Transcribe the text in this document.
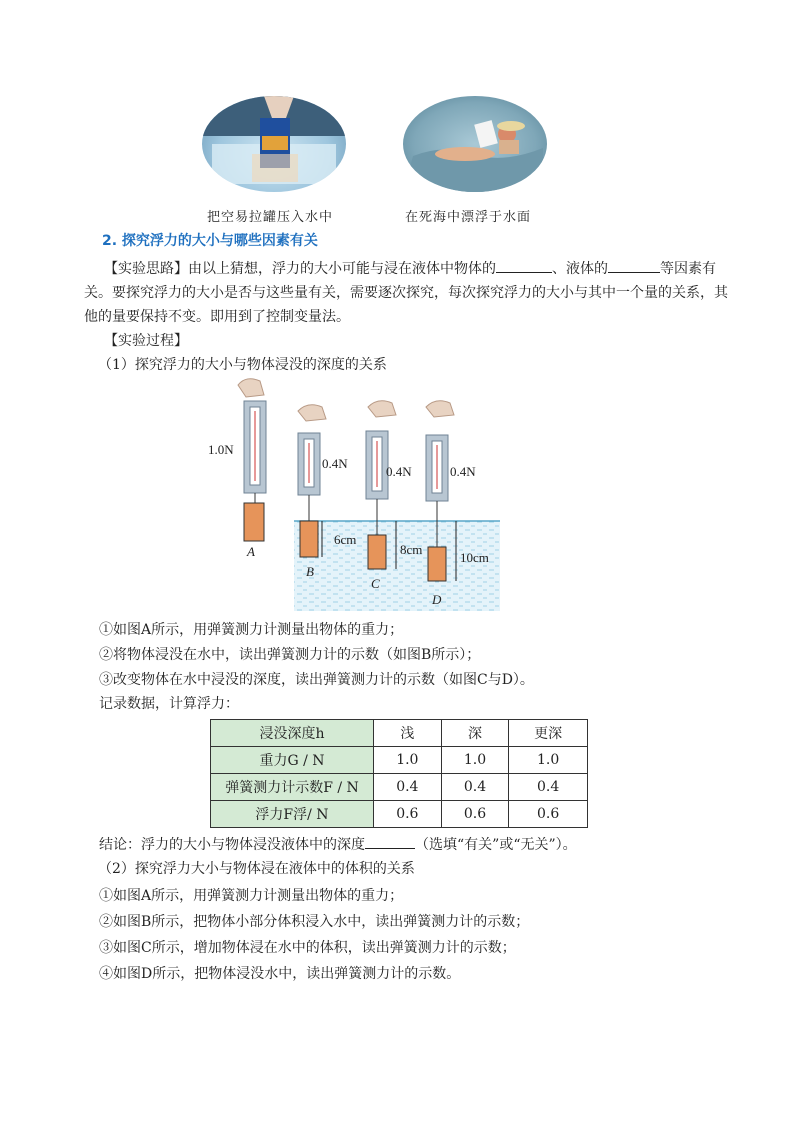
把空易拉罐压入水中	在死海中漂浮于水面
2. 探究浮力的大小与哪些因素有关
【实验思路】由以上猜想，浮力的大小可能与浸在液体中物体的	、液体的	等因素有
关。要探究浮力的大小是否与这些量有关，需要逐次探究，每次探究浮力的大小与其中一个量的关系，其
他的量要保持不变。即用到了控制变量法。
【实验过程】
（1）探究浮力的大小与物体浸没的深度的关系
1.0N
0.4N
0.4N	0.4N
A
B
C
D
6cm
8cm
10cm
①如图A所示，用弹簧测力计测量出物体的重力；
②将物体浸没在水中，读出弹簧测力计的示数（如图B所示）；
③改变物体在水中浸没的深度，读出弹簧测力计的示数（如图C与D）。
记录数据，计算浮力：
浸没深度h	浅	深	更深
重力G / N	1.0	1.0	1.0
弹簧测力计示数F / N	0.4	0.4	0.4
浮力F浮/ N	0.6	0.6	0.6
结论：浮力的大小与物体浸没液体中的深度	（选填“有关”或“无关”）。
（2）探究浮力大小与物体浸在液体中的体积的关系
①如图A所示，用弹簧测力计测量出物体的重力；
②如图B所示，把物体小部分体积浸入水中，读出弹簧测力计的示数；
③如图C所示，增加物体浸在水中的体积，读出弹簧测力计的示数；
④如图D所示，把物体浸没水中，读出弹簧测力计的示数。
